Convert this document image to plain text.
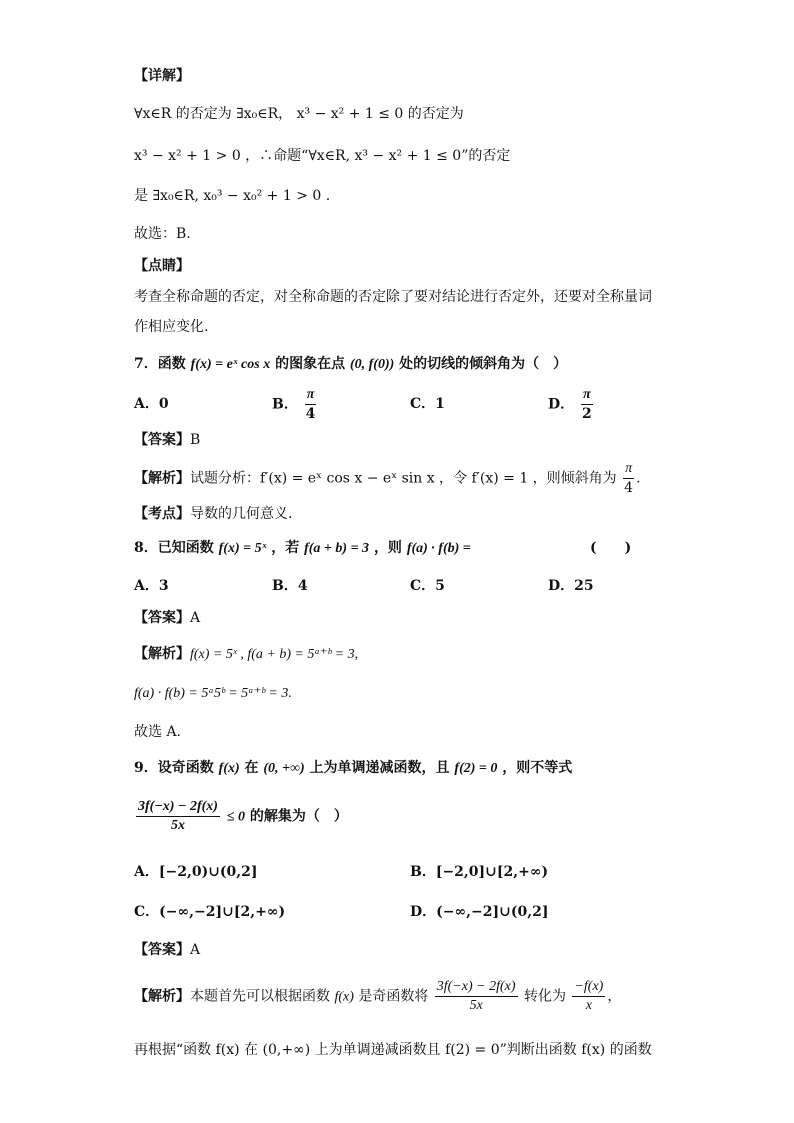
【详解】
∀x∈R 的否定为 ∃x₀∈R， x³ − x² + 1 ≤ 0 的否定为
x³ − x² + 1 > 0 ，∴命题“∀x∈R, x³ − x² + 1 ≤ 0”的否定
是 ∃x₀∈R, x₀³ − x₀² + 1 > 0 .
故选：B.
【点睛】
考查全称命题的否定，对全称命题的否定除了要对结论进行否定外，还要对全称量词作相应变化.
7．函数 f(x) = eˣ cos x 的图象在点 (0, f(0)) 处的切线的倾斜角为（　）
A．0	B． $\frac{\pi}{4}$	C．1	D． $\frac{\pi}{2}$
【答案】B
【解析】试题分析：f′(x) = eˣ cos x − eˣ sin x ，令 f′(x) = 1 ，则倾斜角为 $\frac{\pi}{4}$ .
【考点】导数的几何意义.
8．已知函数 f(x) = 5ˣ ，若 f(a + b) = 3 ，则 f(a) · f(b) =	(　　)
A．3	B．4	C．5	D．25
【答案】A
【解析】f(x) = 5ˣ , f(a + b) = 5ᵃ⁺ᵇ = 3,
f(a) · f(b) = 5ᵃ5ᵇ = 5ᵃ⁺ᵇ = 3.
故选 A.
9．设奇函数 f(x) 在 (0, +∞) 上为单调递减函数，且 f(2) = 0 ，则不等式
$\frac{3f(-x) - 2f(x)}{5x} \le 0$ 的解集为（　）
A．[−2,0)∪(0,2]	B．[−2,0]∪[2,+∞)
C．(−∞,−2]∪[2,+∞)	D．(−∞,−2]∪(0,2]
【答案】A
【解析】本题首先可以根据函数 f(x) 是奇函数将 $\frac{3f(-x) - 2f(x)}{5x}$ 转化为 $\frac{-f(x)}{x}$ ，
再根据“函数 f(x) 在 (0,+∞) 上为单调递减函数且 f(2) = 0”判断出函数 f(x) 的函数
